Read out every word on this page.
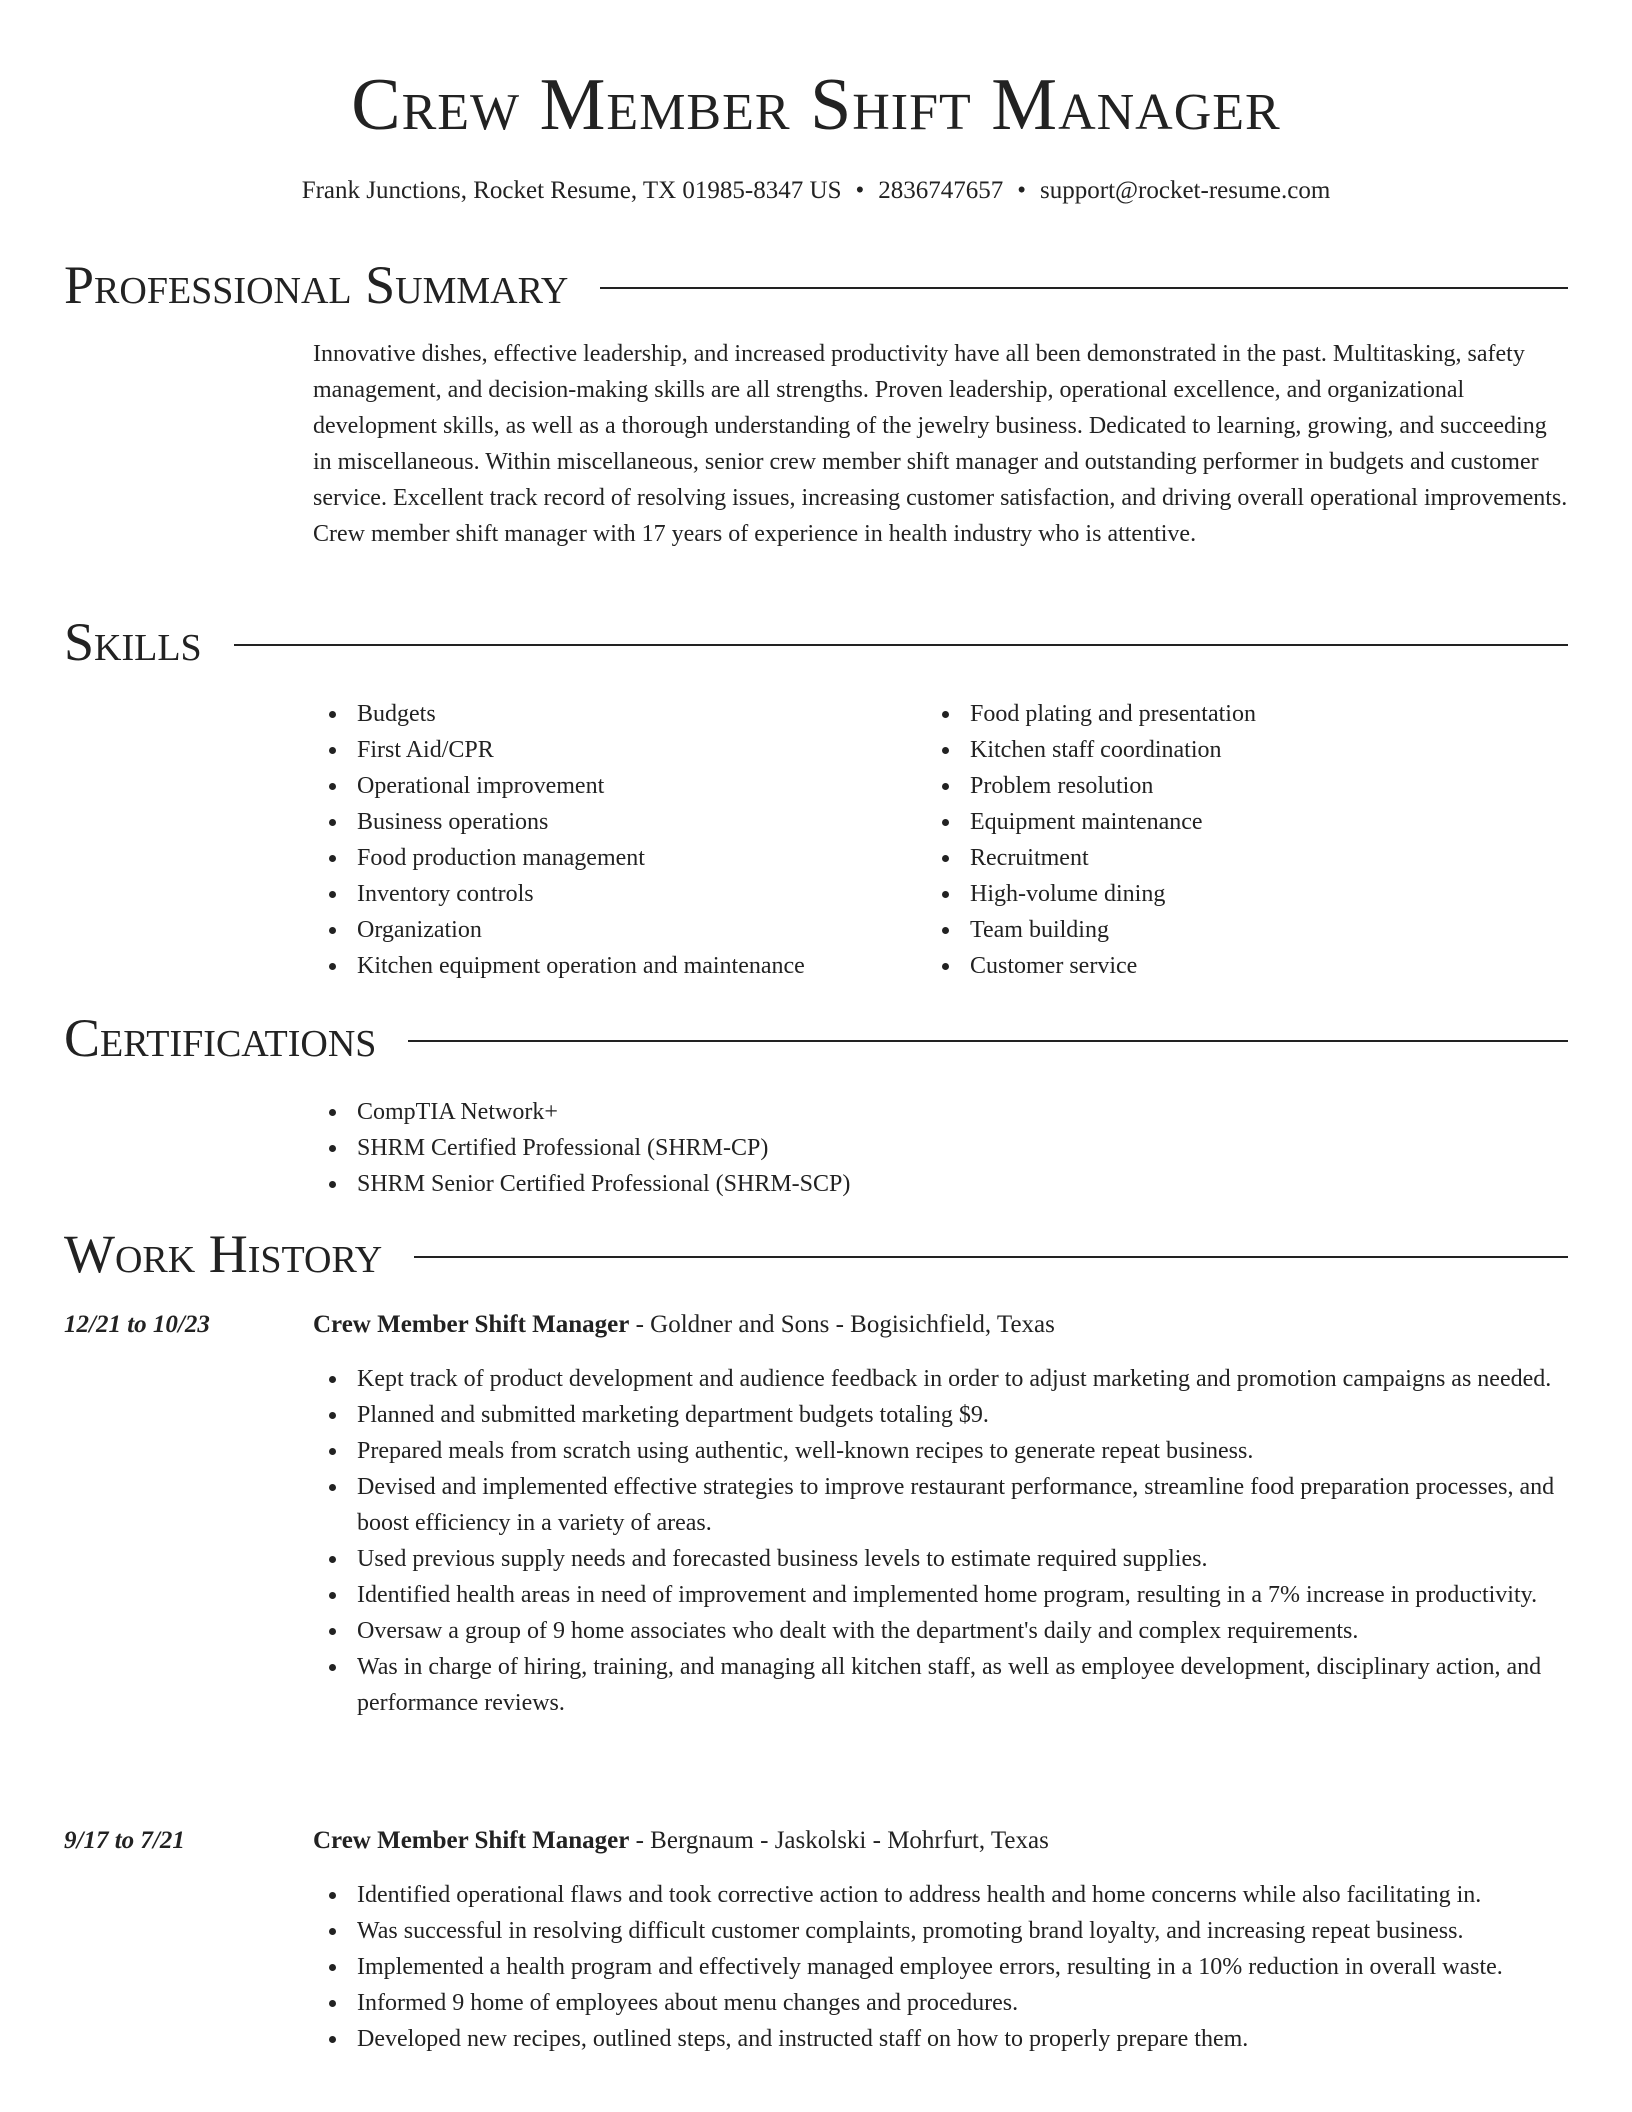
Crew Member Shift Manager
Frank Junctions, Rocket Resume, TX 01985-8347 US • 2836747657 • support@rocket-resume.com
Professional Summary
Innovative dishes, effective leadership, and increased productivity have all been demonstrated in the past. Multitasking, safety management, and decision-making skills are all strengths. Proven leadership, operational excellence, and organizational development skills, as well as a thorough understanding of the jewelry business. Dedicated to learning, growing, and succeeding in miscellaneous. Within miscellaneous, senior crew member shift manager and outstanding performer in budgets and customer service. Excellent track record of resolving issues, increasing customer satisfaction, and driving overall operational improvements. Crew member shift manager with 17 years of experience in health industry who is attentive.
Skills
Budgets
First Aid/CPR
Operational improvement
Business operations
Food production management
Inventory controls
Organization
Kitchen equipment operation and maintenance
Food plating and presentation
Kitchen staff coordination
Problem resolution
Equipment maintenance
Recruitment
High-volume dining
Team building
Customer service
Certifications
CompTIA Network+
SHRM Certified Professional (SHRM-CP)
SHRM Senior Certified Professional (SHRM-SCP)
Work History
12/21 to 10/23	Crew Member Shift Manager - Goldner and Sons - Bogisichfield, Texas
Kept track of product development and audience feedback in order to adjust marketing and promotion campaigns as needed.
Planned and submitted marketing department budgets totaling $9.
Prepared meals from scratch using authentic, well-known recipes to generate repeat business.
Devised and implemented effective strategies to improve restaurant performance, streamline food preparation processes, and boost efficiency in a variety of areas.
Used previous supply needs and forecasted business levels to estimate required supplies.
Identified health areas in need of improvement and implemented home program, resulting in a 7% increase in productivity.
Oversaw a group of 9 home associates who dealt with the department's daily and complex requirements.
Was in charge of hiring, training, and managing all kitchen staff, as well as employee development, disciplinary action, and performance reviews.
9/17 to 7/21	Crew Member Shift Manager - Bergnaum - Jaskolski - Mohrfurt, Texas
Identified operational flaws and took corrective action to address health and home concerns while also facilitating in.
Was successful in resolving difficult customer complaints, promoting brand loyalty, and increasing repeat business.
Implemented a health program and effectively managed employee errors, resulting in a 10% reduction in overall waste.
Informed 9 home of employees about menu changes and procedures.
Developed new recipes, outlined steps, and instructed staff on how to properly prepare them.
